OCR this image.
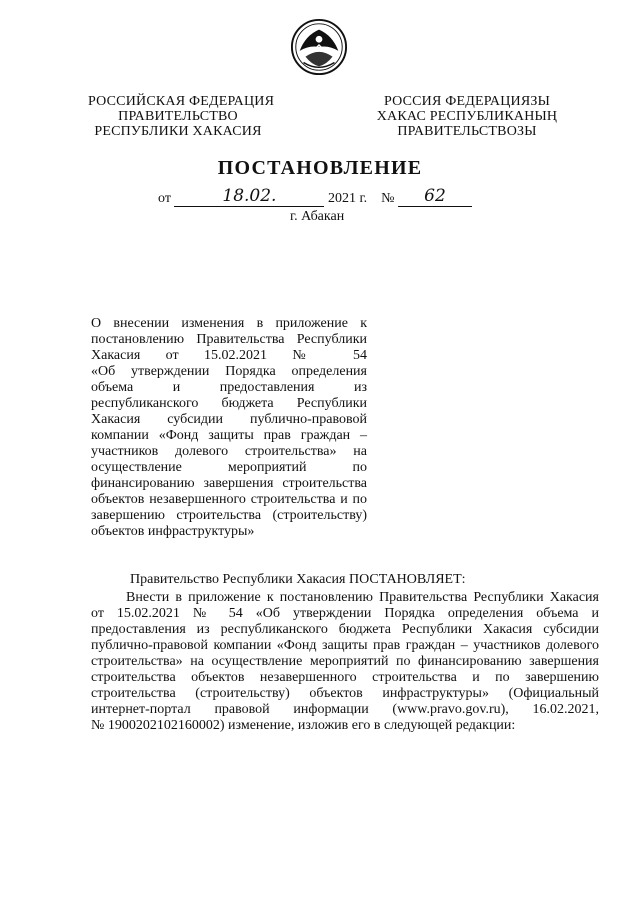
РОССИЙСКАЯ ФЕДЕРАЦИЯ
ПРАВИТЕЛЬСТВО
РЕСПУБЛИКИ ХАКАСИЯ
РОССИЯ ФЕДЕРАЦИЯЗЫ
ХАКАС РЕСПУБЛИКАНЫҢ
ПРАВИТЕЛЬСТВОЗЫ
ПОСТАНОВЛЕНИЕ
от	18.02.	2021 г. № 62
г. Абакан
О внесении изменения в приложение к
постановлению Правительства Республики
Хакасия от 15.02.2021 № 54
«Об утверждении Порядка определения
объема и предоставления из
республиканского бюджета Республики
Хакасия субсидии публично-правовой
компании «Фонд защиты прав граждан –
участников долевого строительства» на
осуществление мероприятий по
финансированию завершения строительства
объектов незавершенного строительства и по
завершению строительства (строительству)
объектов инфраструктуры»
Правительство Республики Хакасия ПОСТАНОВЛЯЕТ:
Внести в приложение к постановлению Правительства Республики Хакасия
от 15.02.2021 № 54 «Об утверждении Порядка определения объема и
предоставления из республиканского бюджета Республики Хакасия субсидии
публично-правовой компании «Фонд защиты прав граждан – участников долевого
строительства» на осуществление мероприятий по финансированию завершения
строительства объектов незавершенного строительства и по завершению
строительства (строительству) объектов инфраструктуры» (Официальный
интернет-портал правовой информации (www.pravo.gov.ru), 16.02.2021,
№ 1900202102160002) изменение, изложив его в следующей редакции:
